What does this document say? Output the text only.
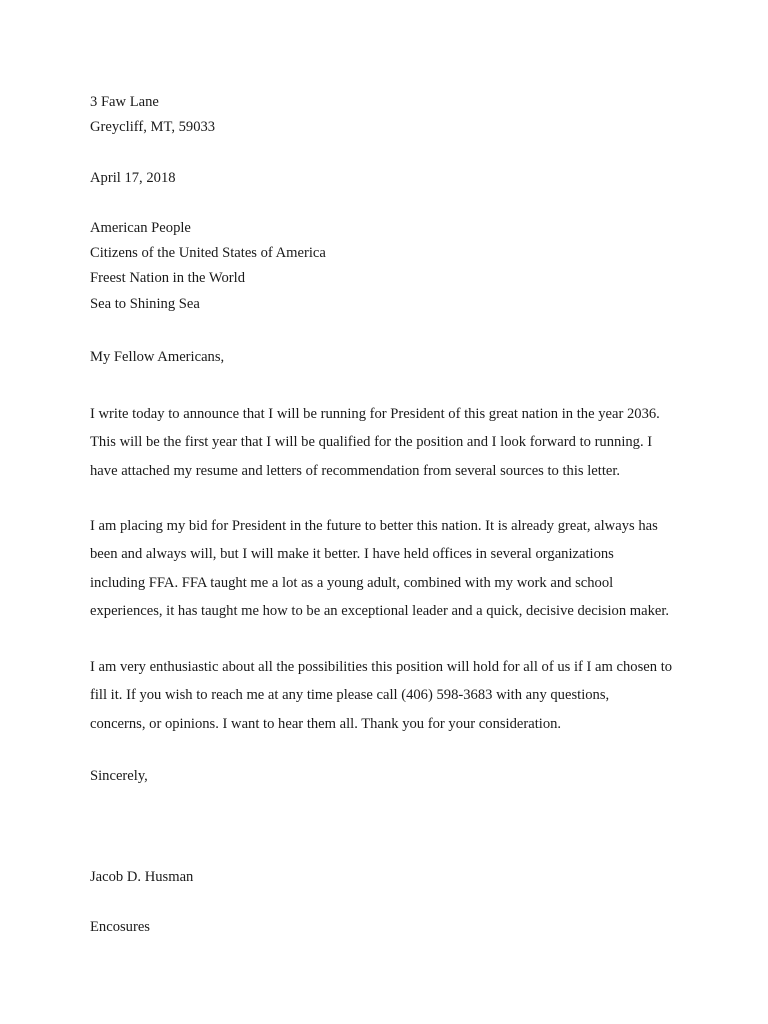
3 Faw Lane
Greycliff, MT, 59033
April 17, 2018
American People
Citizens of the United States of America
Freest Nation in the World
Sea to Shining Sea
My Fellow Americans,
I write today to announce that I will be running for President of this great nation in the year 2036.
This will be the first year that I will be qualified for the position and I look forward to running. I
have attached my resume and letters of recommendation from several sources to this letter.
I am placing my bid for President in the future to better this nation. It is already great, always has
been and always will, but I will make it better. I have held offices in several organizations
including FFA. FFA taught me a lot as a young adult, combined with my work and school
experiences, it has taught me how to be an exceptional leader and a quick, decisive decision maker.
I am very enthusiastic about all the possibilities this position will hold for all of us if I am chosen to
fill it. If you wish to reach me at any time please call (406) 598-3683 with any questions,
concerns, or opinions. I want to hear them all. Thank you for your consideration.
Sincerely,
Jacob D. Husman
Encosures
